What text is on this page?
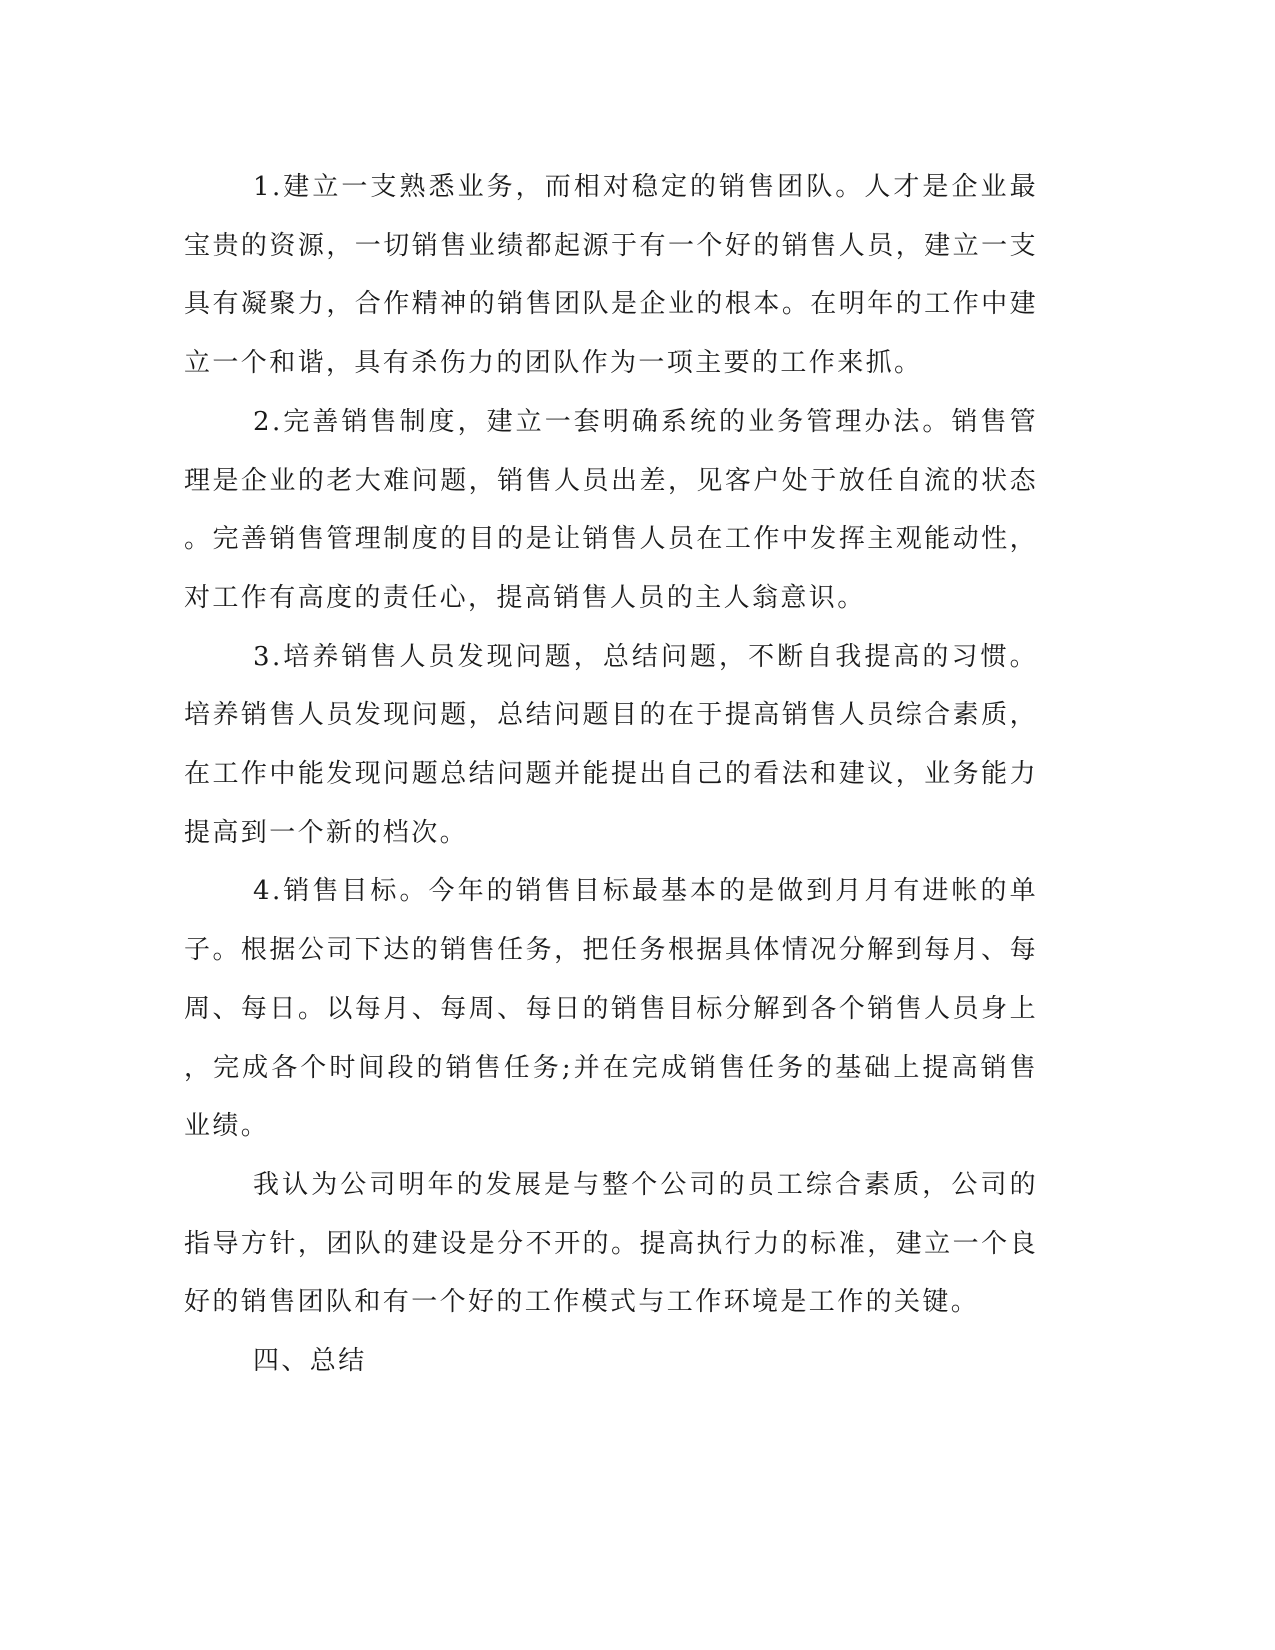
1.建立一支熟悉业务，而相对稳定的销售团队。人才是企业最宝贵的资源，一切销售业绩都起源于有一个好的销售人员，建立一支具有凝聚力，合作精神的销售团队是企业的根本。在明年的工作中建立一个和谐，具有杀伤力的团队作为一项主要的工作来抓。

2.完善销售制度，建立一套明确系统的业务管理办法。销售管理是企业的老大难问题，销售人员出差，见客户处于放任自流的状态。完善销售管理制度的目的是让销售人员在工作中发挥主观能动性，对工作有高度的责任心，提高销售人员的主人翁意识。

3.培养销售人员发现问题，总结问题，不断自我提高的习惯。培养销售人员发现问题，总结问题目的在于提高销售人员综合素质，在工作中能发现问题总结问题并能提出自己的看法和建议，业务能力提高到一个新的档次。

4.销售目标。今年的销售目标最基本的是做到月月有进帐的单子。根据公司下达的销售任务，把任务根据具体情况分解到每月、每周、每日。以每月、每周、每日的销售目标分解到各个销售人员身上，完成各个时间段的销售任务;并在完成销售任务的基础上提高销售业绩。

我认为公司明年的发展是与整个公司的员工综合素质，公司的指导方针，团队的建设是分不开的。提高执行力的标准，建立一个良好的销售团队和有一个好的工作模式与工作环境是工作的关键。

四、总结
